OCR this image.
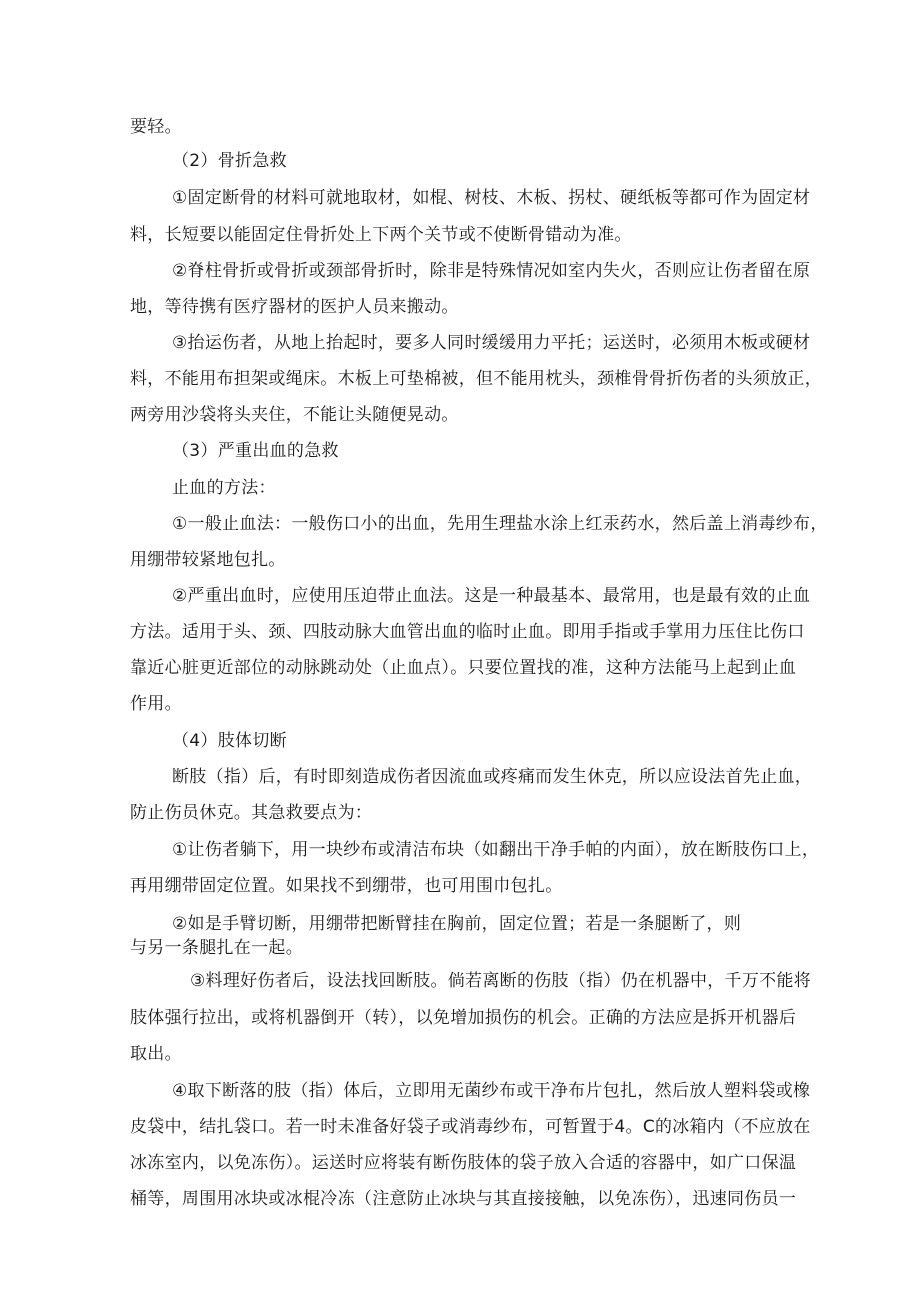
要轻。
（2）骨折急救
①固定断骨的材料可就地取材，如棍、树枝、木板、拐杖、硬纸板等都可作为固定材
料，长短要以能固定住骨折处上下两个关节或不使断骨错动为准。
②脊柱骨折或骨折或颈部骨折时，除非是特殊情况如室内失火，否则应让伤者留在原
地，等待携有医疗器材的医护人员来搬动。
③抬运伤者，从地上抬起时，要多人同时缓缓用力平托；运送时，必须用木板或硬材
料，不能用布担架或绳床。木板上可垫棉被，但不能用枕头，颈椎骨骨折伤者的头须放正，
两旁用沙袋将头夹住，不能让头随便晃动。
（3）严重出血的急救
止血的方法：
①一般止血法：一般伤口小的出血，先用生理盐水涂上红汞药水，然后盖上消毒纱布，
用绷带较紧地包扎。
②严重出血时，应使用压迫带止血法。这是一种最基本、最常用，也是最有效的止血
方法。适用于头、颈、四肢动脉大血管出血的临时止血。即用手指或手掌用力压住比伤口
靠近心脏更近部位的动脉跳动处（止血点）。只要位置找的准，这种方法能马上起到止血
作用。
（4）肢体切断
断肢（指）后，有时即刻造成伤者因流血或疼痛而发生休克，所以应设法首先止血，
防止伤员休克。其急救要点为：
①让伤者躺下，用一块纱布或清洁布块（如翻出干净手帕的内面），放在断肢伤口上，
再用绷带固定位置。如果找不到绷带，也可用围巾包扎。
②如是手臂切断，用绷带把断臂挂在胸前，固定位置；若是一条腿断了，则
与另一条腿扎在一起。
③料理好伤者后，设法找回断肢。倘若离断的伤肢（指）仍在机器中，千万不能将
肢体强行拉出，或将机器倒开（转），以免增加损伤的机会。正确的方法应是拆开机器后
取出。
④取下断落的肢（指）体后，立即用无菌纱布或干净布片包扎，然后放人塑料袋或橡
皮袋中，结扎袋口。若一时未准备好袋子或消毒纱布，可暂置于4。C的冰箱内（不应放在
冰冻室内，以免冻伤）。运送时应将装有断伤肢体的袋子放入合适的容器中，如广口保温
桶等，周围用冰块或冰棍冷冻（注意防止冰块与其直接接触，以免冻伤），迅速同伤员一
